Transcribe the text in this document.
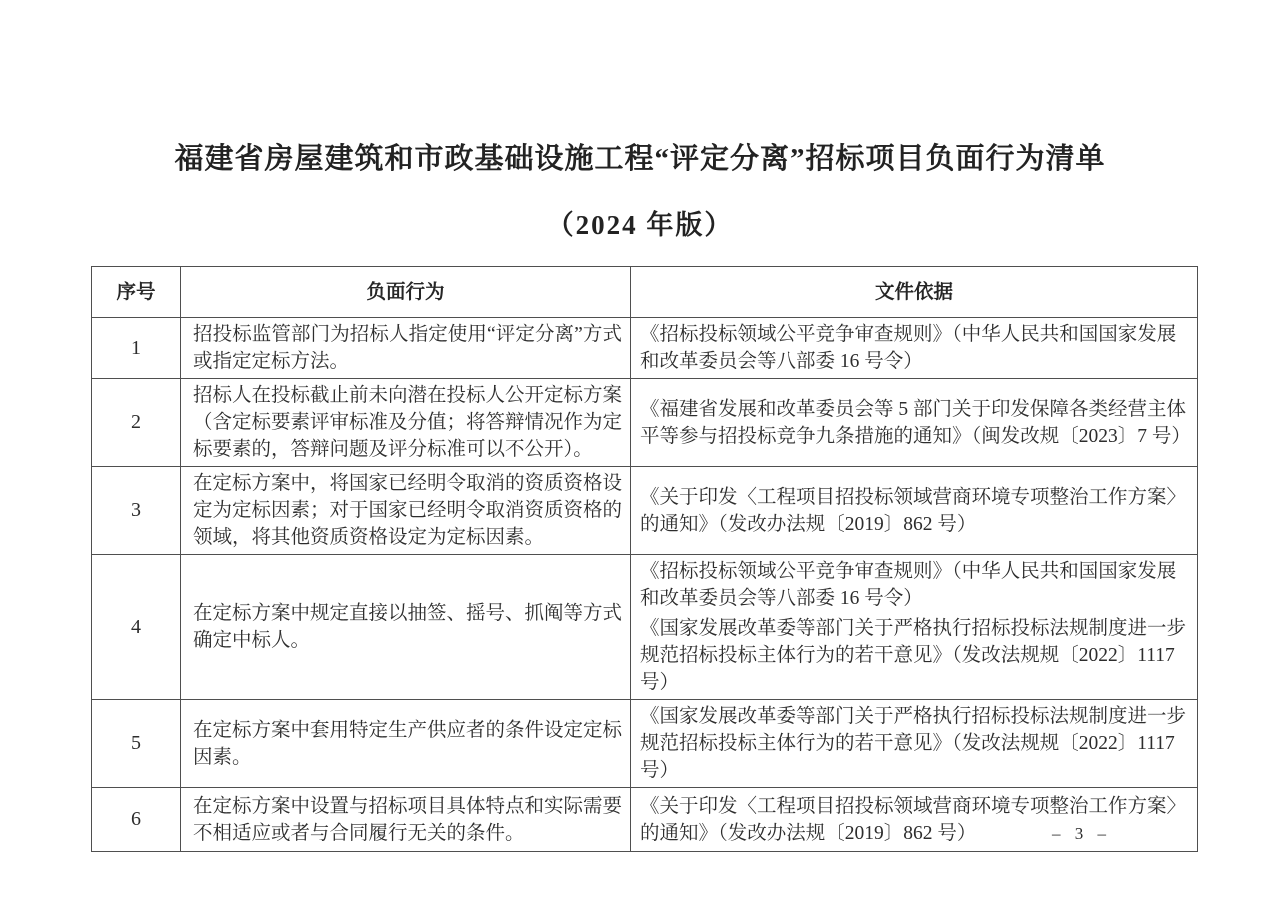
福建省房屋建筑和市政基础设施工程“评定分离”招标项目负面行为清单
（2024 年版）
序号	负面行为	文件依据
1	招投标监管部门为招标人指定使用“评定分离”方式或指定定标方法。	《招标投标领域公平竞争审查规则》（中华人民共和国国家发展和改革委员会等八部委 16 号令）

2	招标人在投标截止前未向潜在投标人公开定标方案（含定标要素评审标准及分值；将答辩情况作为定标要素的，答辩问题及评分标准可以不公开）。	《福建省发展和改革委员会等 5 部门关于印发保障各类经营主体平等参与招投标竞争九条措施的通知》（闽发改规〔2023〕7 号）

3	在定标方案中，将国家已经明令取消的资质资格设定为定标因素；对于国家已经明令取消资质资格的领域，将其他资质资格设定为定标因素。	《关于印发〈工程项目招投标领域营商环境专项整治工作方案〉的通知》（发改办法规〔2019〕862 号）

4	在定标方案中规定直接以抽签、摇号、抓阄等方式确定中标人。	《招标投标领域公平竞争审查规则》（中华人民共和国国家发展和改革委员会等八部委 16 号令）

《国家发展改革委等部门关于严格执行招标投标法规制度进一步规范招标投标主体行为的若干意见》（发改法规规〔2022〕1117 号）

5	在定标方案中套用特定生产供应者的条件设定定标因素。	《国家发展改革委等部门关于严格执行招标投标法规制度进一步规范招标投标主体行为的若干意见》（发改法规规〔2022〕1117 号）

6	在定标方案中设置与招标项目具体特点和实际需要不相适应或者与合同履行无关的条件。	《关于印发〈工程项目招投标领域营商环境专项整治工作方案〉的通知》（发改办法规〔2019〕862 号）	– 3 –
